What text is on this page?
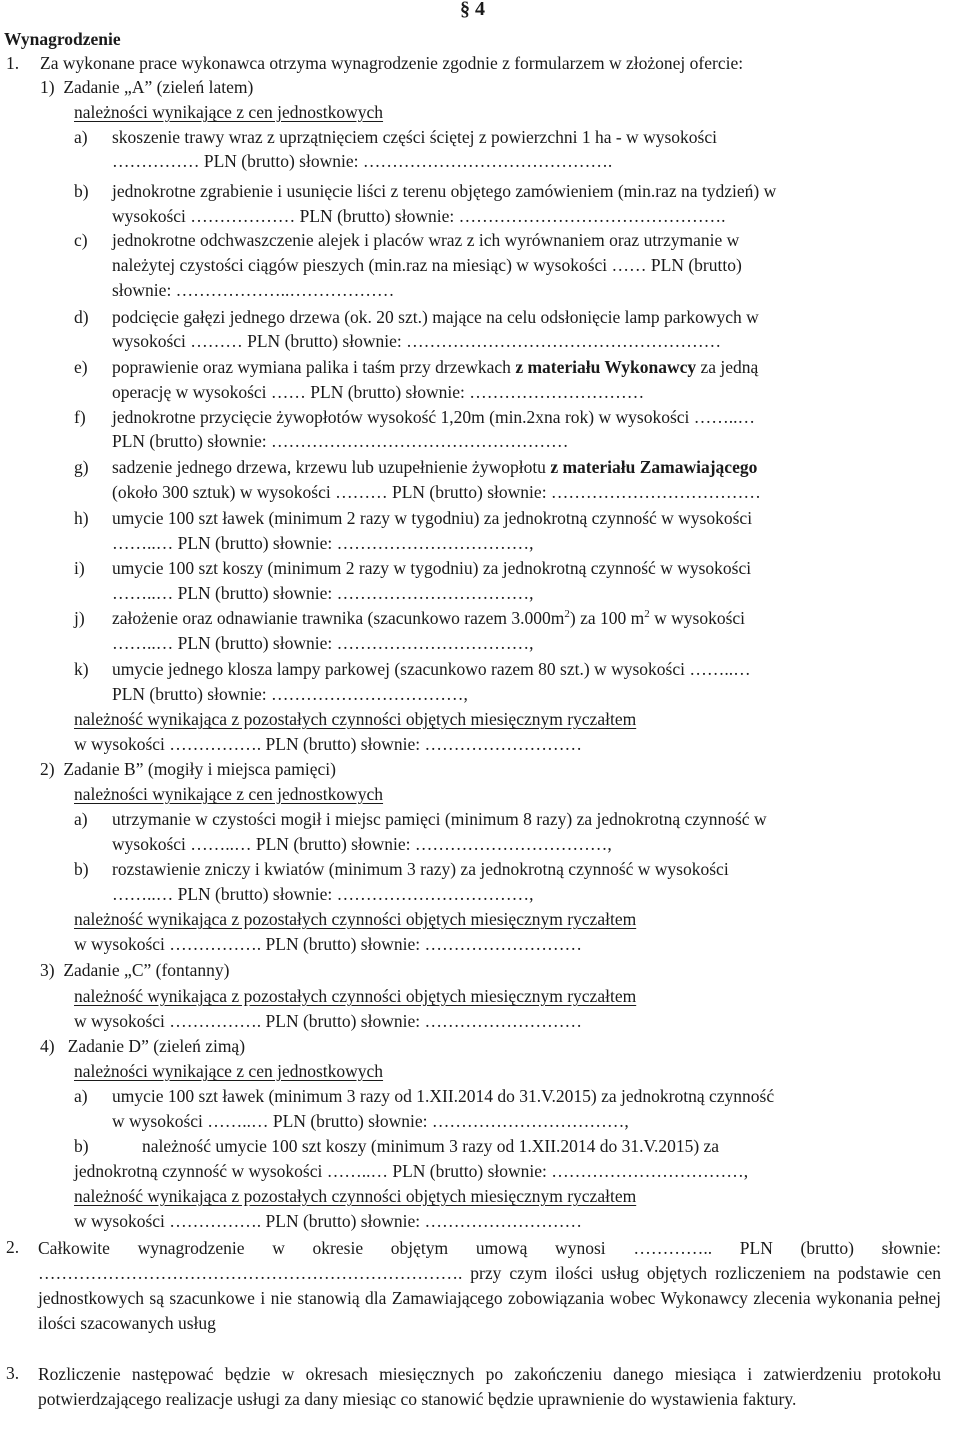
§ 4
Wynagrodzenie
1. Za wykonane prace wykonawca otrzyma wynagrodzenie zgodnie z formularzem w złożonej ofercie:
1)  Zadanie „A” (zieleń latem)
należności wynikające z cen jednostkowych
a) skoszenie trawy wraz z uprzątnięciem części ściętej z powierzchni 1 ha - w wysokości
…………… PLN (brutto) słownie: …………………………………….
b) jednokrotne zgrabienie i usunięcie liści z terenu objętego zamówieniem (min.raz na tydzień) w
wysokości ……………… PLN (brutto) słownie: ……………………………………….
c) jednokrotne odchwaszczenie alejek i placów wraz z ich wyrównaniem oraz utrzymanie w
należytej czystości ciągów pieszych (min.raz na miesiąc) w wysokości …… PLN (brutto)
słownie: ………………..………………
d) podcięcie gałęzi jednego drzewa (ok. 20 szt.) mające na celu odsłonięcie lamp parkowych w
wysokości ……… PLN (brutto) słownie: ………………………………………………
e) poprawienie oraz wymiana palika i taśm przy drzewkach z materiału Wykonawcy za jedną
operację w wysokości …… PLN (brutto) słownie: …………………………
f) jednokrotne przycięcie żywopłotów wysokość 1,20m (min.2xna rok) w wysokości ……..…
PLN (brutto) słownie: ……………………………………………
g) sadzenie jednego drzewa, krzewu lub uzupełnienie żywopłotu z materiału Zamawiającego
(około 300 sztuk) w wysokości ……… PLN (brutto) słownie: ………………………………
h) umycie 100 szt ławek (minimum 2 razy w tygodniu) za jednokrotną czynność w wysokości
……..… PLN (brutto) słownie: ……………………………,
i) umycie 100 szt koszy (minimum 2 razy w tygodniu) za jednokrotną czynność w wysokości
……..… PLN (brutto) słownie: ……………………………,
j) założenie oraz odnawianie trawnika (szacunkowo razem $3.000m^2$) za 100 $m^2$ w wysokości
……..… PLN (brutto) słownie: ……………………………,
k) umycie jednego klosza lampy parkowej (szacunkowo razem 80 szt.) w wysokości ……..…
PLN (brutto) słownie: ……………………………,
należność wynikająca z pozostałych czynności objętych miesięcznym ryczałtem
w wysokości ……………. PLN (brutto) słownie: ………………………
2)  Zadanie B” (mogiły i miejsca pamięci)
należności wynikające z cen jednostkowych
a) utrzymanie w czystości mogił i miejsc pamięci (minimum 8 razy) za jednokrotną czynność w
wysokości ……..… PLN (brutto) słownie: ……………………………,
b) rozstawienie zniczy i kwiatów (minimum 3 razy) za jednokrotną czynność w wysokości
……..… PLN (brutto) słownie: ……………………………,
należność wynikająca z pozostałych czynności objętych miesięcznym ryczałtem
w wysokości ……………. PLN (brutto) słownie: ………………………
3)  Zadanie „C” (fontanny)
należność wynikająca z pozostałych czynności objętych miesięcznym ryczałtem
w wysokości ……………. PLN (brutto) słownie: ………………………
4)   Zadanie D” (zieleń zimą)
należności wynikające z cen jednostkowych
a) umycie 100 szt ławek (minimum 3 razy od 1.XII.2014 do 31.V.2015) za jednokrotną czynność
w wysokości ……..… PLN (brutto) słownie: ……………………………,
b)	należność umycie 100 szt koszy (minimum 3 razy od 1.XII.2014 do 31.V.2015) za
jednokrotną czynność w wysokości ……..… PLN (brutto) słownie: ……………………………,
należność wynikająca z pozostałych czynności objętych miesięcznym ryczałtem
w wysokości ……………. PLN (brutto) słownie: ………………………
2. Całkowite wynagrodzenie w okresie objętym umową wynosi ………….. PLN (brutto) słownie: ………………………………………………………………. przy czym ilości usług objętych rozliczeniem na podstawie cen jednostkowych są szacunkowe i nie stanowią dla Zamawiającego zobowiązania wobec Wykonawcy zlecenia wykonania pełnej ilości szacowanych usług
3. Rozliczenie następować będzie w okresach miesięcznych po zakończeniu danego miesiąca i zatwierdzeniu protokołu potwierdzającego realizacje usługi za dany miesiąc co stanowić będzie uprawnienie do wystawienia faktury.
